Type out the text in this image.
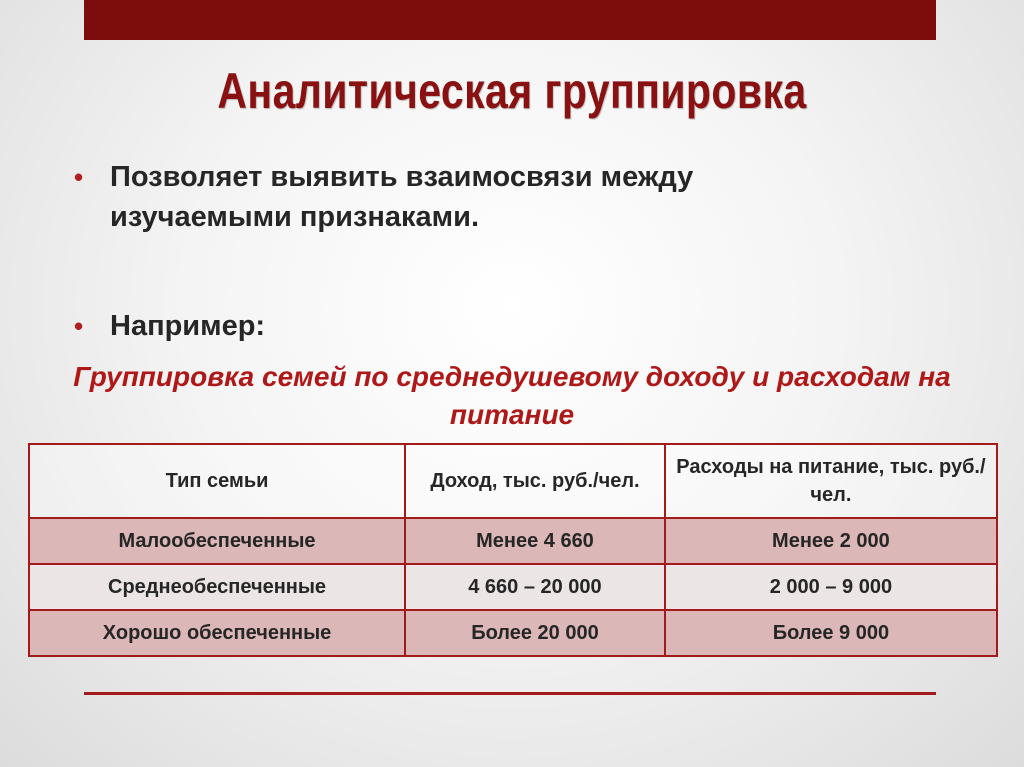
Аналитическая группировка
• Позволяет выявить взаимосвязи между изучаемыми признаками.
• Например:
Группировка семей по среднедушевому доходу и расходам на питание
Тип семьи	Доход, тыс. руб./чел.	Расходы на питание, тыс. руб./чел.
Малообеспеченные	Менее 4 660	Менее 2 000
Среднеобеспеченные	4 660 – 20 000	2 000 – 9 000
Хорошо обеспеченные	Более 20 000	Более 9 000
